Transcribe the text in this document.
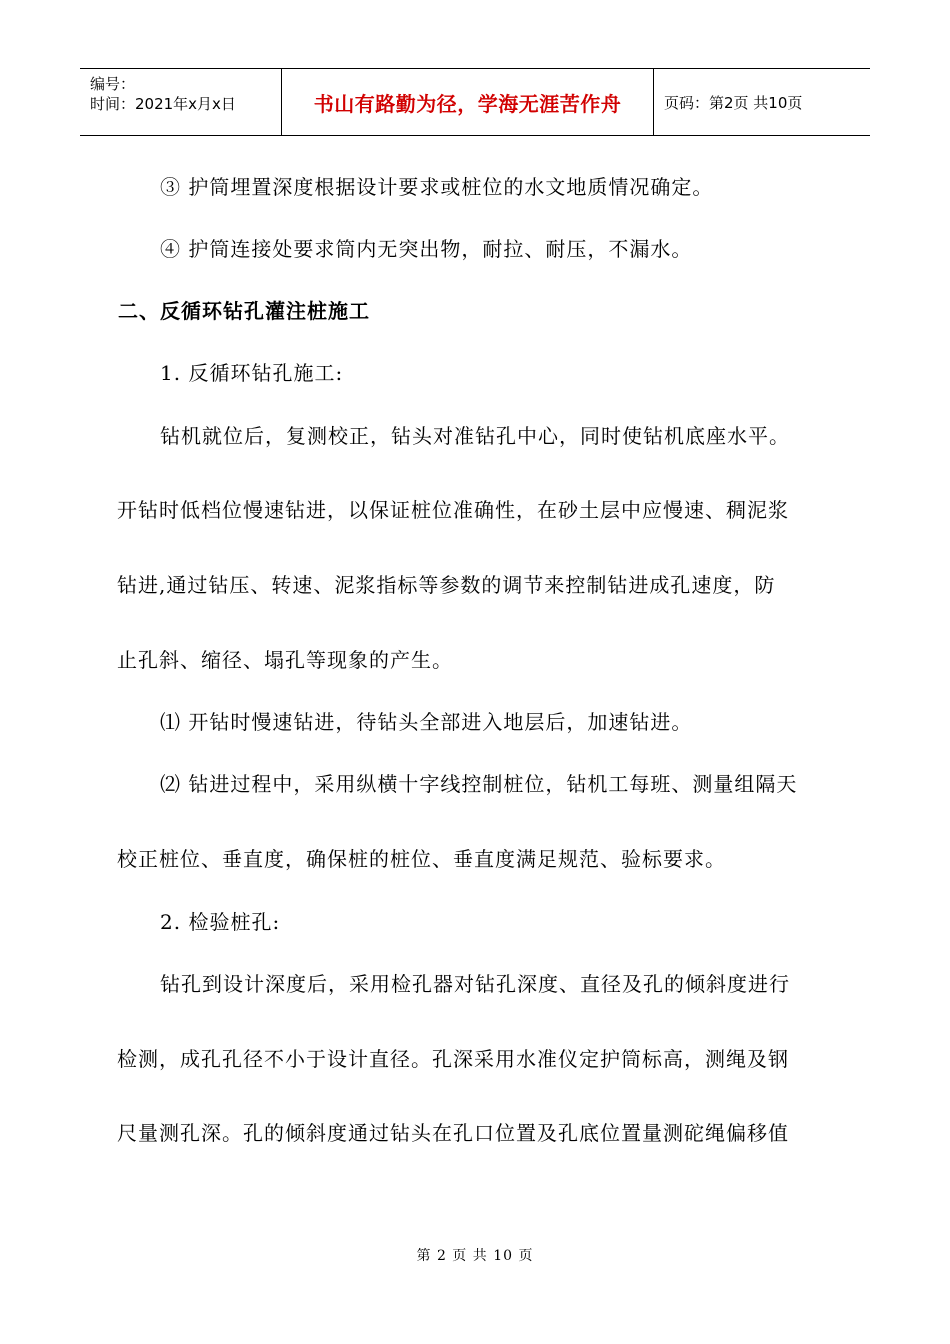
编号：
时间：2021年x月x日	书山有路勤为径，学海无涯苦作舟	页码：第2页 共10页
③ 护筒埋置深度根据设计要求或桩位的水文地质情况确定。
④ 护筒连接处要求筒内无突出物，耐拉、耐压，不漏水。
二、反循环钻孔灌注桩施工
1. 反循环钻孔施工:
钻机就位后，复测校正，钻头对准钻孔中心，同时使钻机底座水平。
开钻时低档位慢速钻进，以保证桩位准确性，在砂土层中应慢速、稠泥浆
钻进,通过钻压、转速、泥浆指标等参数的调节来控制钻进成孔速度，防
止孔斜、缩径、塌孔等现象的产生。
⑴ 开钻时慢速钻进，待钻头全部进入地层后，加速钻进。
⑵ 钻进过程中，采用纵横十字线控制桩位，钻机工每班、测量组隔天
校正桩位、垂直度，确保桩的桩位、垂直度满足规范、验标要求。
2. 检验桩孔:
钻孔到设计深度后，采用检孔器对钻孔深度、直径及孔的倾斜度进行
检测，成孔孔径不小于设计直径。孔深采用水准仪定护筒标高，测绳及钢
尺量测孔深。孔的倾斜度通过钻头在孔口位置及孔底位置量测砣绳偏移值
第 2 页 共 10 页
